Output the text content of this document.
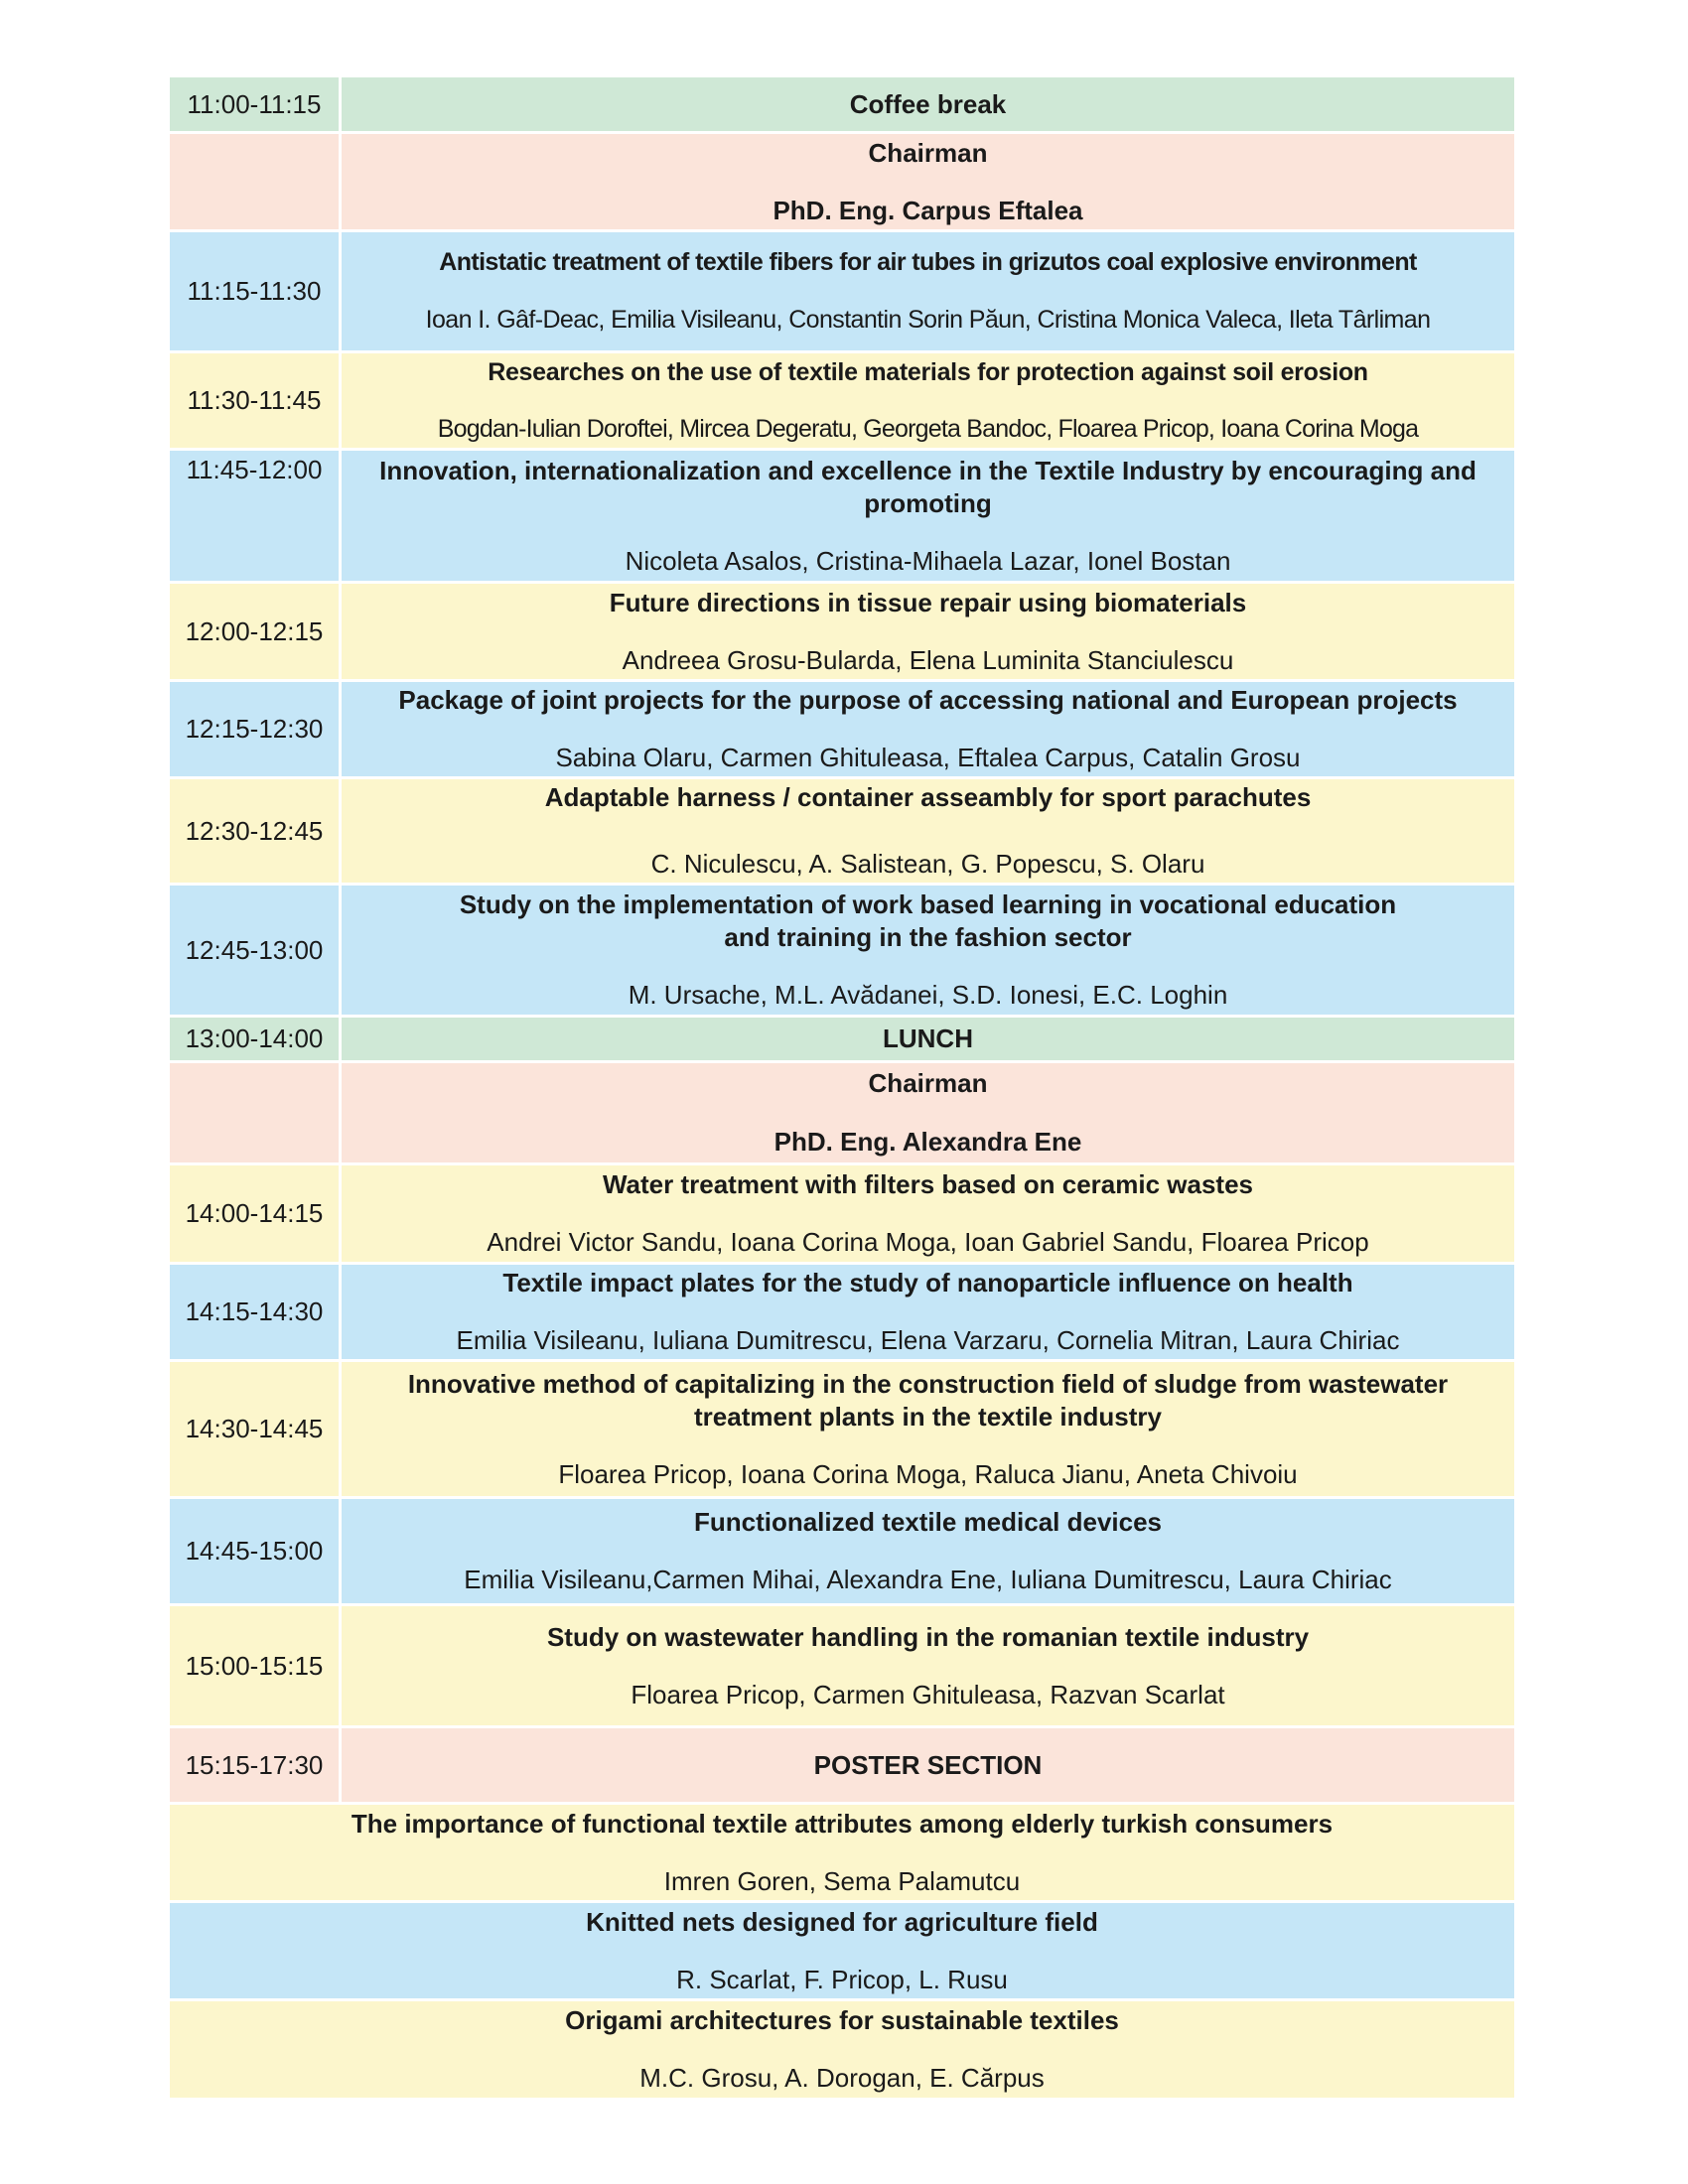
11:00-11:15	Coffee break

	Chairman
PhD. Eng. Carpus Eftalea

11:15-11:30	Antistatic treatment of textile fibers for air tubes in grizutos coal explosive environment
Ioan I. Gâf-Deac, Emilia Visileanu, Constantin Sorin Păun, Cristina Monica Valeca, Ileta Târliman

11:30-11:45	Researches on the use of textile materials for protection against soil erosion
Bogdan-Iulian Doroftei, Mircea Degeratu, Georgeta Bandoc, Floarea Pricop, Ioana Corina Moga

11:45-12:00	Innovation, internationalization and excellence in the Textile Industry by encouraging and promoting
Nicoleta Asalos, Cristina-Mihaela Lazar, Ionel Bostan

12:00-12:15	Future directions in tissue repair using biomaterials
Andreea Grosu-Bularda, Elena Luminita Stanciulescu

12:15-12:30	Package of joint projects for the purpose of accessing national and European projects
Sabina Olaru, Carmen Ghituleasa, Eftalea Carpus, Catalin Grosu

12:30-12:45	Adaptable harness / container asseambly for sport parachutes
C. Niculescu, A. Salistean, G. Popescu, S. Olaru

12:45-13:00	Study on the implementation of work based learning in vocational education
and training in the fashion sector
M. Ursache, M.L. Avădanei, S.D. Ionesi, E.C. Loghin

13:00-14:00	LUNCH

	Chairman
PhD. Eng. Alexandra Ene

14:00-14:15	Water treatment with filters based on ceramic wastes
Andrei Victor Sandu, Ioana Corina Moga, Ioan Gabriel Sandu, Floarea Pricop

14:15-14:30	Textile impact plates for the study of nanoparticle influence on health
Emilia Visileanu, Iuliana Dumitrescu, Elena Varzaru, Cornelia Mitran, Laura Chiriac

14:30-14:45	Innovative method of capitalizing in the construction field of sludge from wastewater
treatment plants in the textile industry
Floarea Pricop, Ioana Corina Moga, Raluca Jianu, Aneta Chivoiu

14:45-15:00	Functionalized textile medical devices
Emilia Visileanu,Carmen Mihai, Alexandra Ene, Iuliana Dumitrescu, Laura Chiriac

15:00-15:15	Study on wastewater handling in the romanian textile industry
Floarea Pricop, Carmen Ghituleasa, Razvan Scarlat

15:15-17:30	POSTER SECTION

The importance of functional textile attributes among elderly turkish consumers
Imren Goren, Sema Palamutcu	

Knitted nets designed for agriculture field
R. Scarlat, F. Pricop, L. Rusu	

Origami architectures for sustainable textiles
M.C. Grosu, A. Dorogan, E. Cărpus	
